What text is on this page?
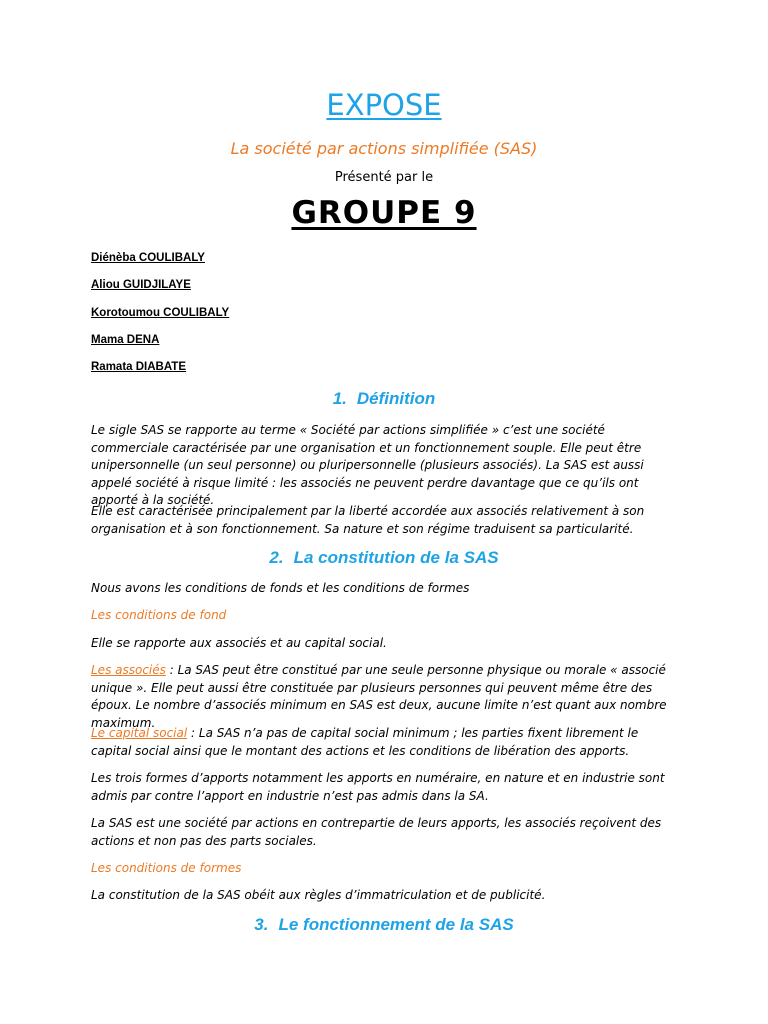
EXPOSE
La société par actions simplifiée (SAS)
Présenté par le
GROUPE 9
Diénèba COULIBALY
Aliou GUIDJILAYE
Korotoumou COULIBALY
Mama DENA
Ramata DIABATE
1. Définition

Le sigle SAS se rapporte au terme « Société par actions simplifiée » c’est une société commerciale caractérisée par une organisation et un fonctionnement souple. Elle peut être unipersonnelle (un seul personne) ou pluripersonnelle (plusieurs associés). La SAS est aussi appelé société à risque limité : les associés ne peuvent perdre davantage que ce qu’ils ont apporté à la société.

Elle est caractérisée principalement par la liberté accordée aux associés relativement à son organisation et à son fonctionnement. Sa nature et son régime traduisent sa particularité.

2. La constitution de la SAS

Nous avons les conditions de fonds et les conditions de formes

Les conditions de fond

Elle se rapporte aux associés et au capital social.

Les associés : La SAS peut être constitué par une seule personne physique ou morale « associé unique ». Elle peut aussi être constituée par plusieurs personnes qui peuvent même être des époux. Le nombre d’associés minimum en SAS est deux, aucune limite n’est quant aux nombre maximum.

Le capital social : La SAS n’a pas de capital social minimum ; les parties fixent librement le capital social ainsi que le montant des actions et les conditions de libération des apports.

Les trois formes d’apports notamment les apports en numéraire, en nature et en industrie sont admis par contre l’apport en industrie n’est pas admis dans la SA.

La SAS est une société par actions en contrepartie de leurs apports, les associés reçoivent des actions et non pas des parts sociales.

Les conditions de formes

La constitution de la SAS obéit aux règles d’immatriculation et de publicité.

3. Le fonctionnement de la SAS
